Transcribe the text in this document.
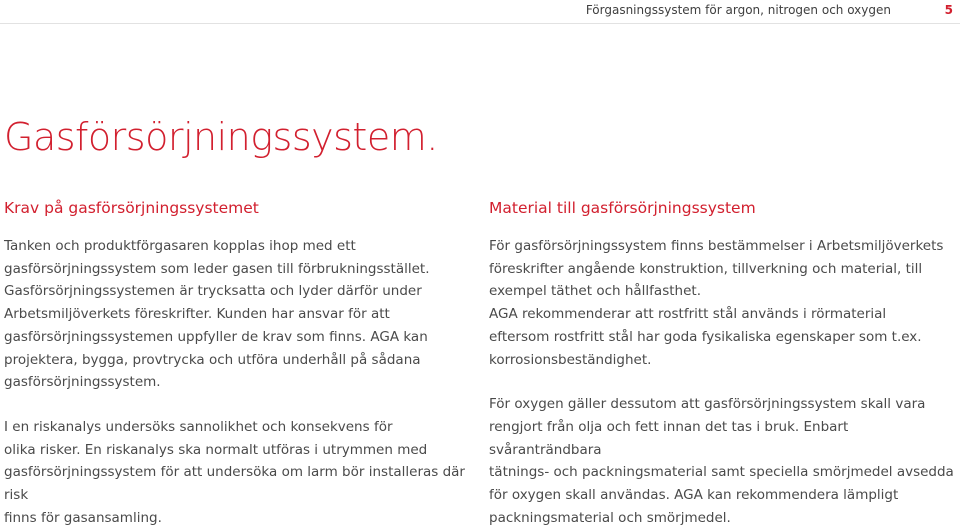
Förgasningssystem för argon, nitrogen och oxygen	5
Gasförsörjningssystem.
Krav på gasförsörjningssystemet

Tanken och produktförgasaren kopplas ihop med ett
gasförsörjningssystem som leder gasen till förbrukningsstället.
Gasförsörjningssystemen är trycksatta och lyder därför under
Arbetsmiljöverkets föreskrifter. Kunden har ansvar för att
gasförsörjningssystemen uppfyller de krav som finns. AGA kan
projektera, bygga, provtrycka och utföra underhåll på sådana
gasförsörjningssystem.

I en riskanalys undersöks sannolikhet och konsekvens för
olika risker. En riskanalys ska normalt utföras i utrymmen med
gasförsörjningssystem för att undersöka om larm bör installeras där risk
finns för gasansamling.

Material till gasförsörjningssystem

För gasförsörjningssystem finns bestämmelser i Arbetsmiljöverkets
föreskrifter angående konstruktion, tillverkning och material, till
exempel täthet och hållfasthet.
AGA rekommenderar att rostfritt stål används i rörmaterial
eftersom rostfritt stål har goda fysikaliska egenskaper som t.ex.
korrosionsbeständighet.

För oxygen gäller dessutom att gasförsörjningssystem skall vara
rengjort från olja och fett innan det tas i bruk. Enbart svåranträndbara
tätnings- och packningsmaterial samt speciella smörjmedel avsedda
för oxygen skall användas. AGA kan rekommendera lämpligt
packningsmaterial och smörjmedel.
